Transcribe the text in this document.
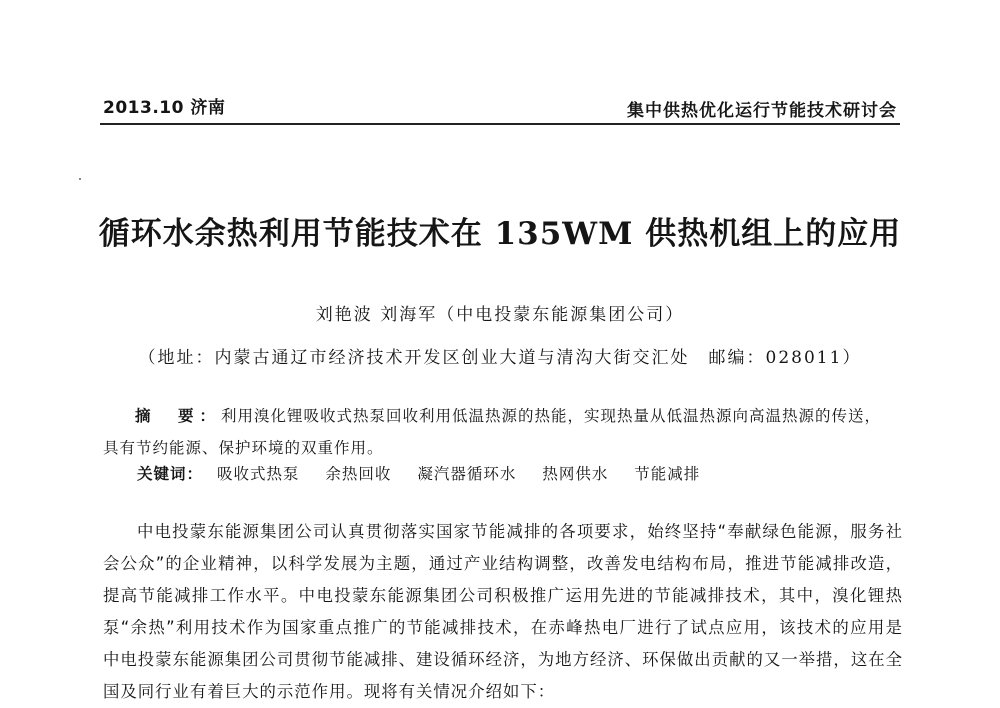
2013.10 济南	集中供热优化运行节能技术研讨会
循环水余热利用节能技术在 135WM 供热机组上的应用
刘艳波 刘海军（中电投蒙东能源集团公司）
（地址：内蒙古通辽市经济技术开发区创业大道与清沟大街交汇处　邮编：028011）
摘　要：利用溴化锂吸收式热泵回收利用低温热源的热能，实现热量从低温热源向高温热源的传送，
具有节约能源、保护环境的双重作用。
关键词： 吸收式热泵 余热回收 凝汽器循环水 热网供水 节能减排
中电投蒙东能源集团公司认真贯彻落实国家节能减排的各项要求，始终坚持“奉献绿色能源，服务社会公众”的企业精神，以科学发展为主题，通过产业结构调整，改善发电结构布局，推进节能减排改造，提高节能减排工作水平。中电投蒙东能源集团公司积极推广运用先进的节能减排技术，其中，溴化锂热泵“余热”利用技术作为国家重点推广的节能减排技术，在赤峰热电厂进行了试点应用，该技术的应用是中电投蒙东能源集团公司贯彻节能减排、建设循环经济，为地方经济、环保做出贡献的又一举措，这在全国及同行业有着巨大的示范作用。现将有关情况介绍如下：
